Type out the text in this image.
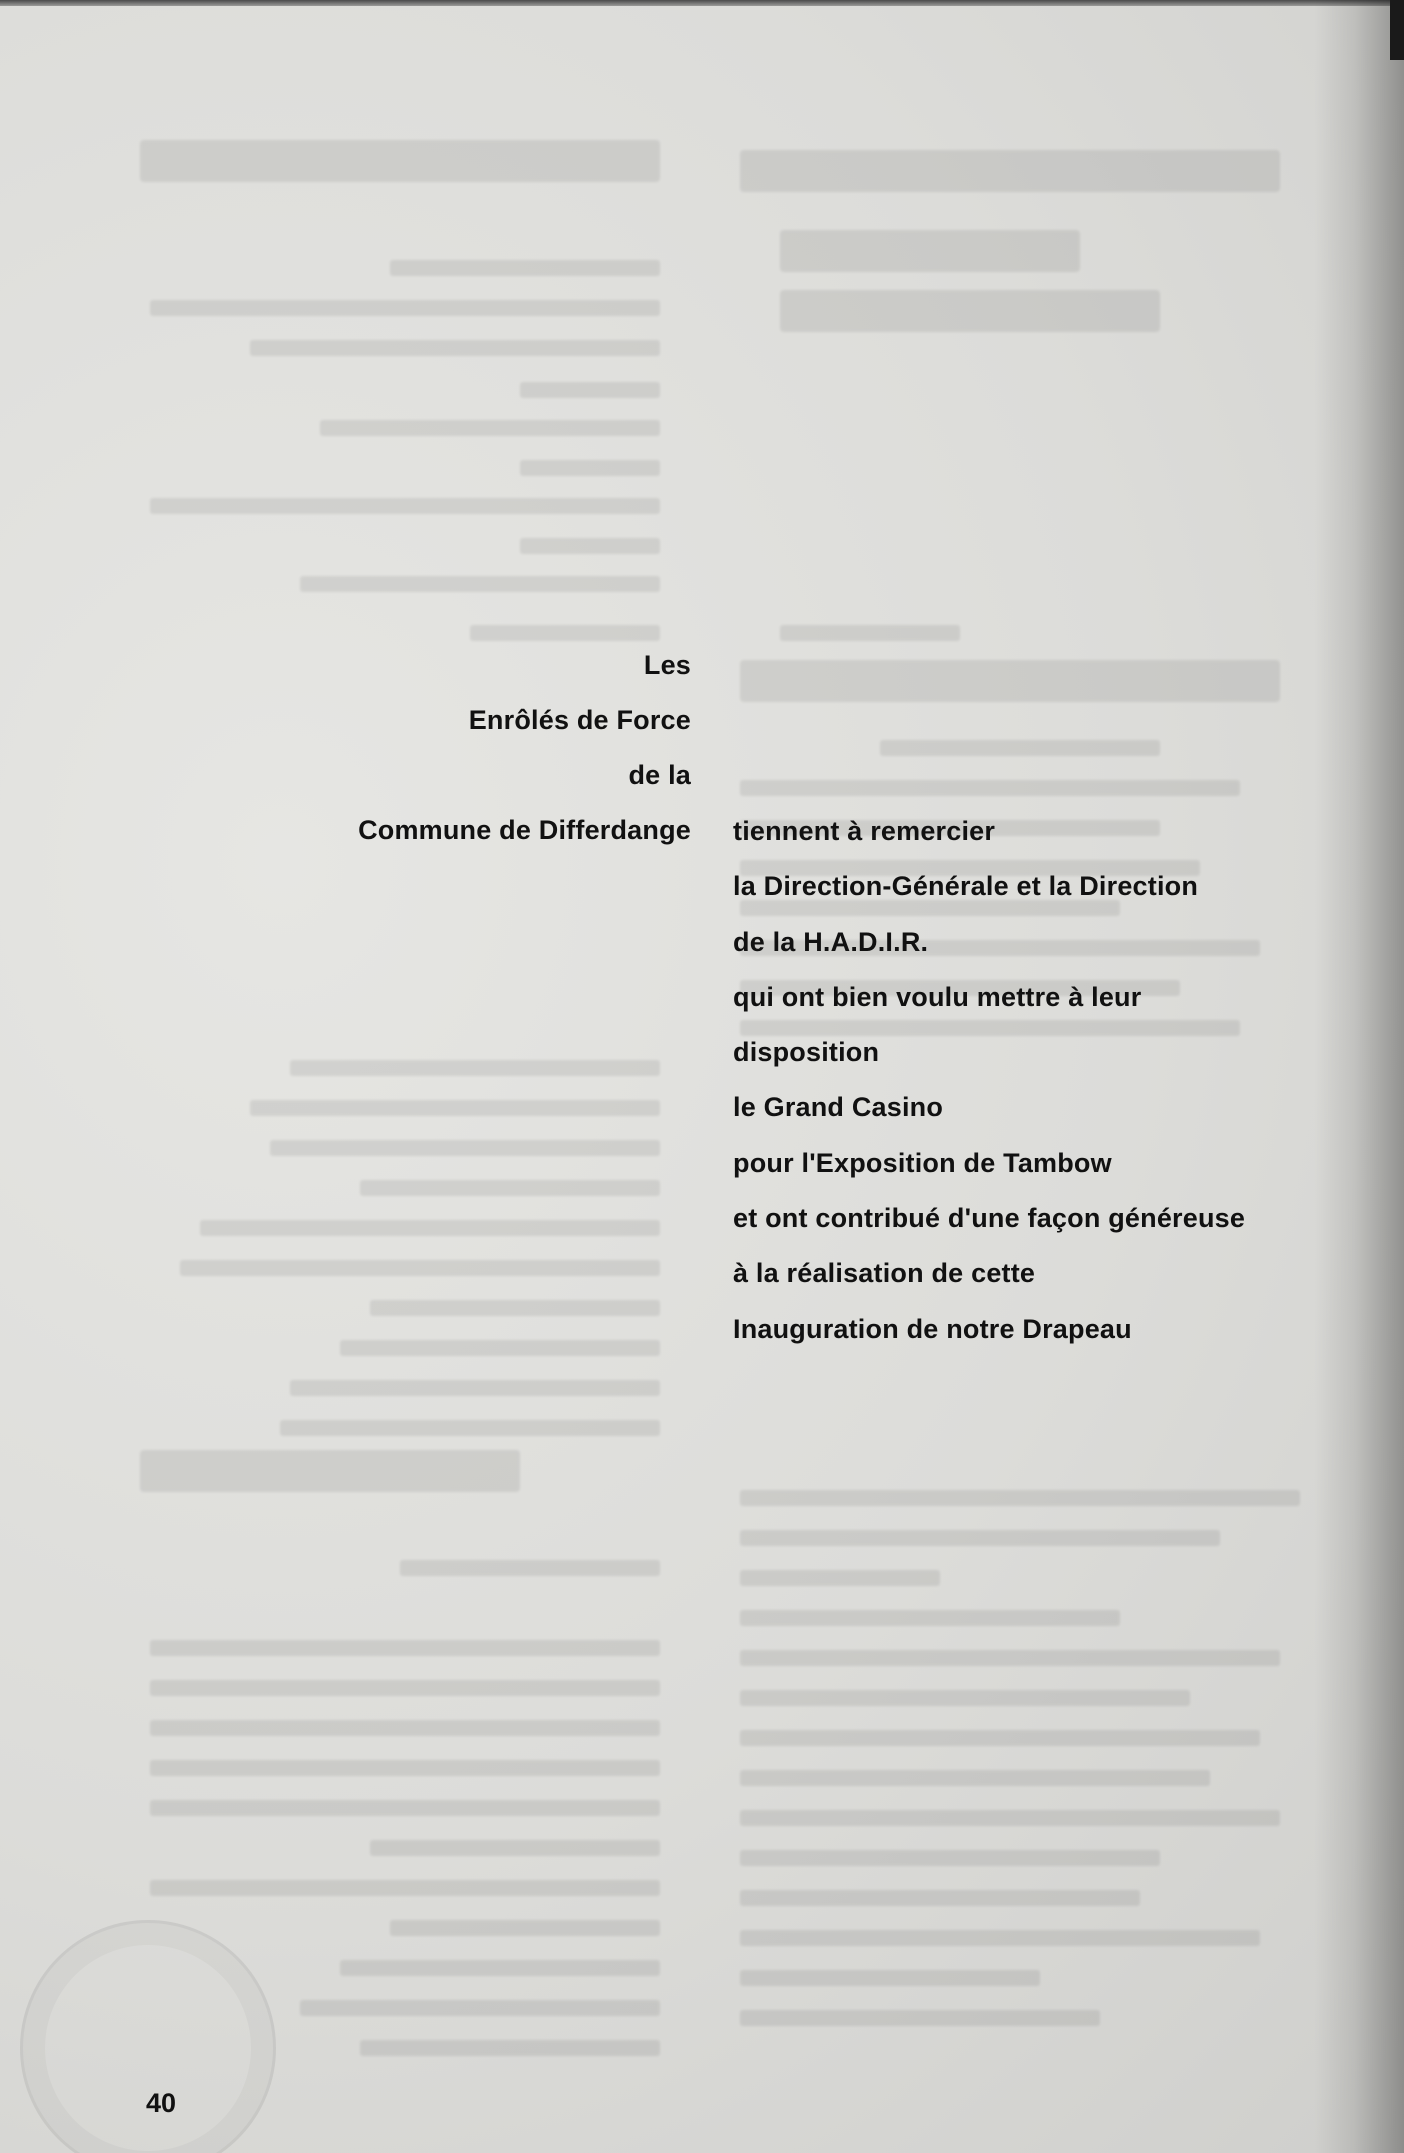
Les
Enrôlés de Force
de la
Commune de Differdange tiennent à remercier
la Direction-Générale et la Direction
de la H.A.D.I.R.
qui ont bien voulu mettre à leur
disposition
le Grand Casino
pour l'Exposition de Tambow
et ont contribué d'une façon généreuse
à la réalisation de cette
Inauguration de notre Drapeau
40
